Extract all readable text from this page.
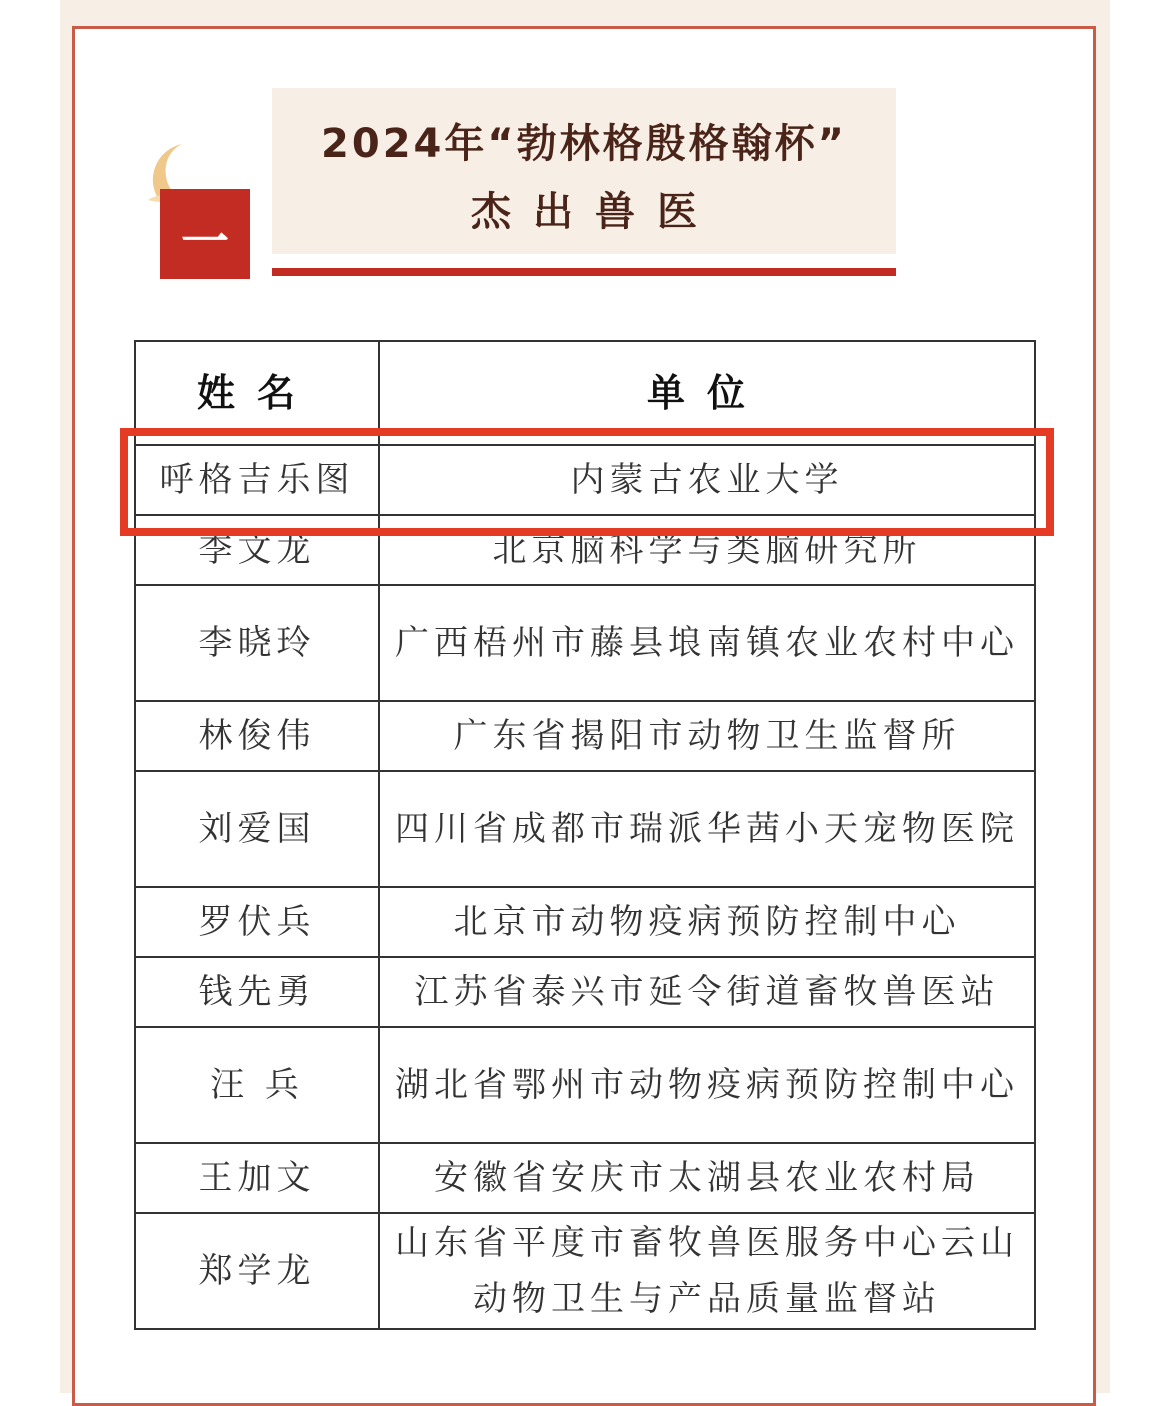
一
2024年“勃林格殷格翰杯”
杰出兽医
姓名	单位
呼格吉乐图	内蒙古农业大学
李文龙	北京脑科学与类脑研究所
李晓玲	广西梧州市藤县埌南镇农业农村中心
林俊伟	广东省揭阳市动物卫生监督所
刘爱国	四川省成都市瑞派华茜小天宠物医院
罗伏兵	北京市动物疫病预防控制中心
钱先勇	江苏省泰兴市延令街道畜牧兽医站
汪 兵	湖北省鄂州市动物疫病预防控制中心
王加文	安徽省安庆市太湖县农业农村局
郑学龙	山东省平度市畜牧兽医服务中心云山动物卫生与产品质量监督站
